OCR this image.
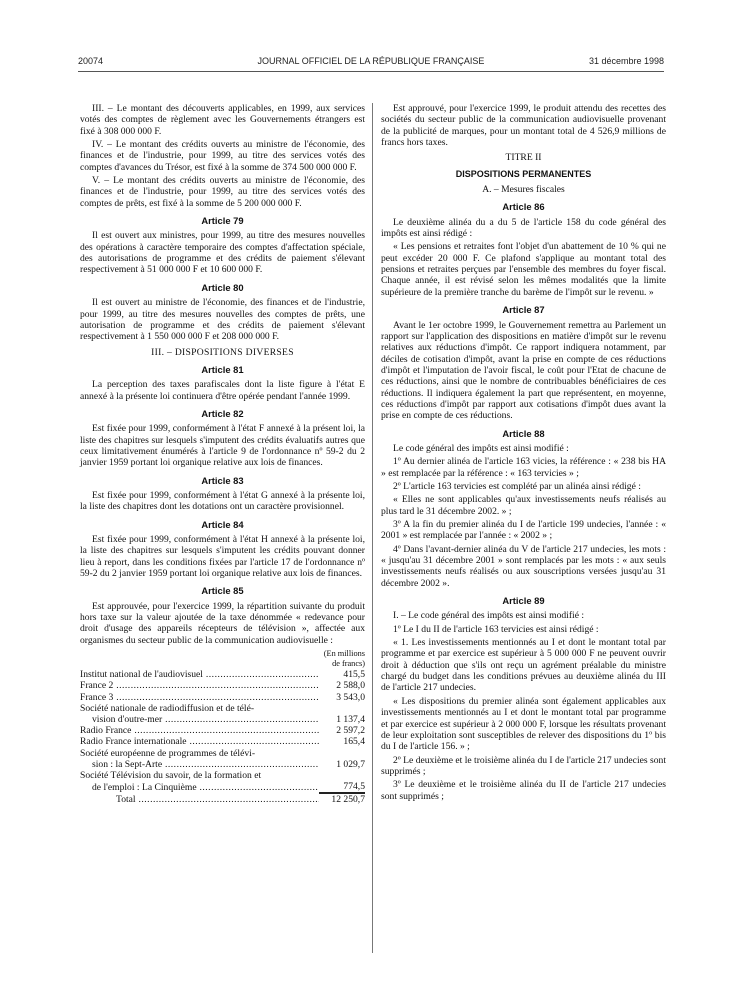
20074	JOURNAL OFFICIEL DE LA RÉPUBLIQUE FRANÇAISE	31 décembre 1998

III. – Le montant des découverts applicables, en 1999, aux services votés des comptes de règlement avec les Gouvernements étrangers est fixé à 308 000 000 F.

IV. – Le montant des crédits ouverts au ministre de l'économie, des finances et de l'industrie, pour 1999, au titre des services votés des comptes d'avances du Trésor, est fixé à la somme de 374 500 000 000 F.

V. – Le montant des crédits ouverts au ministre de l'économie, des finances et de l'industrie, pour 1999, au titre des services votés des comptes de prêts, est fixé à la somme de 5 200 000 000 F.

Article 79

Il est ouvert aux ministres, pour 1999, au titre des mesures nouvelles des opérations à caractère temporaire des comptes d'affectation spéciale, des autorisations de programme et des crédits de paiement s'élevant respectivement à 51 000 000 F et 10 600 000 F.

Article 80

Il est ouvert au ministre de l'économie, des finances et de l'industrie, pour 1999, au titre des mesures nouvelles des comptes de prêts, une autorisation de programme et des crédits de paiement s'élevant respectivement à 1 550 000 000 F et 208 000 000 F.

III. – DISPOSITIONS DIVERSES
Article 81

La perception des taxes parafiscales dont la liste figure à l'état E annexé à la présente loi continuera d'être opérée pendant l'année 1999.

Article 82

Est fixée pour 1999, conformément à l'état F annexé à la présent loi, la liste des chapitres sur lesquels s'imputent des crédits évaluatifs autres que ceux limitativement énumérés à l'article 9 de l'ordonnance nº 59-2 du 2 janvier 1959 portant loi organique relative aux lois de finances.

Article 83

Est fixée pour 1999, conformément à l'état G annexé à la présente loi, la liste des chapitres dont les dotations ont un caractère provisionnel.

Article 84

Est fixée pour 1999, conformément à l'état H annexé à la présente loi, la liste des chapitres sur lesquels s'imputent les crédits pouvant donner lieu à report, dans les conditions fixées par l'article 17 de l'ordonnance nº 59-2 du 2 janvier 1959 portant loi organique relative aux lois de finances.

Article 85

Est approuvée, pour l'exercice 1999, la répartition suivante du produit hors taxe sur la valeur ajoutée de la taxe dénommée « redevance pour droit d'usage des appareils récepteurs de télévision », affectée aux organismes du secteur public de la communication audiovisuelle :

(En millions
de francs)
Institut national de l'audiovisuel .....	415,5
France 2 .....	2 588,0
France 3 .....	3 543,0
Société nationale de radiodiffusion et de télé-
vision d'outre-mer .....	1 137,4
Radio France .....	2 597,2
Radio France internationale .....	165,4
Société européenne de programmes de télévi-
sion : la Sept-Arte .....	1 029,7
Société Télévision du savoir, de la formation et
de l'emploi : La Cinquième .....	774,5
Total .....	12 250,7

Est approuvé, pour l'exercice 1999, le produit attendu des recettes des sociétés du secteur public de la communication audiovisuelle provenant de la publicité de marques, pour un montant total de 4 526,9 millions de francs hors taxes.

TITRE II
DISPOSITIONS PERMANENTES
A. – Mesures fiscales
Article 86

Le deuxième alinéa du a du 5 de l'article 158 du code général des impôts est ainsi rédigé :

« Les pensions et retraites font l'objet d'un abattement de 10 % qui ne peut excéder 20 000 F. Ce plafond s'applique au montant total des pensions et retraites perçues par l'ensemble des membres du foyer fiscal. Chaque année, il est révisé selon les mêmes modalités que la limite supérieure de la première tranche du barème de l'impôt sur le revenu. »

Article 87

Avant le 1er octobre 1999, le Gouvernement remettra au Parlement un rapport sur l'application des dispositions en matière d'impôt sur le revenu relatives aux réductions d'impôt. Ce rapport indiquera notamment, par déciles de cotisation d'impôt, avant la prise en compte de ces réductions d'impôt et l'imputation de l'avoir fiscal, le coût pour l'Etat de chacune de ces réductions, ainsi que le nombre de contribuables bénéficiaires de ces réductions. Il indiquera également la part que représentent, en moyenne, ces réductions d'impôt par rapport aux cotisations d'impôt dues avant la prise en compte de ces réductions.

Article 88

Le code général des impôts est ainsi modifié :

1º Au dernier alinéa de l'article 163 vicies, la référence : « 238 bis HA » est remplacée par la référence : « 163 tervicies » ;

2º L'article 163 tervicies est complété par un alinéa ainsi rédigé :

« Elles ne sont applicables qu'aux investissements neufs réalisés au plus tard le 31 décembre 2002. » ;

3º A la fin du premier alinéa du I de l'article 199 undecies, l'année : « 2001 » est remplacée par l'année : « 2002 » ;

4º Dans l'avant-dernier alinéa du V de l'article 217 undecies, les mots : « jusqu'au 31 décembre 2001 » sont remplacés par les mots : « aux seuls investissements neufs réalisés ou aux souscriptions versées jusqu'au 31 décembre 2002 ».

Article 89

I. – Le code général des impôts est ainsi modifié :

1º Le I du II de l'article 163 tervicies est ainsi rédigé :

« 1. Les investissements mentionnés au I et dont le montant total par programme et par exercice est supérieur à 5 000 000 F ne peuvent ouvrir droit à déduction que s'ils ont reçu un agrément préalable du ministre chargé du budget dans les conditions prévues au deuxième alinéa du III de l'article 217 undecies.

« Les dispositions du premier alinéa sont également applicables aux investissements mentionnés au I et dont le montant total par programme et par exercice est supérieur à 2 000 000 F, lorsque les résultats provenant de leur exploitation sont susceptibles de relever des dispositions du 1º bis du I de l'article 156. » ;

2º Le deuxième et le troisième alinéa du I de l'article 217 undecies sont supprimés ;

3º Le deuxième et le troisième alinéa du II de l'article 217 undecies sont supprimés ;
